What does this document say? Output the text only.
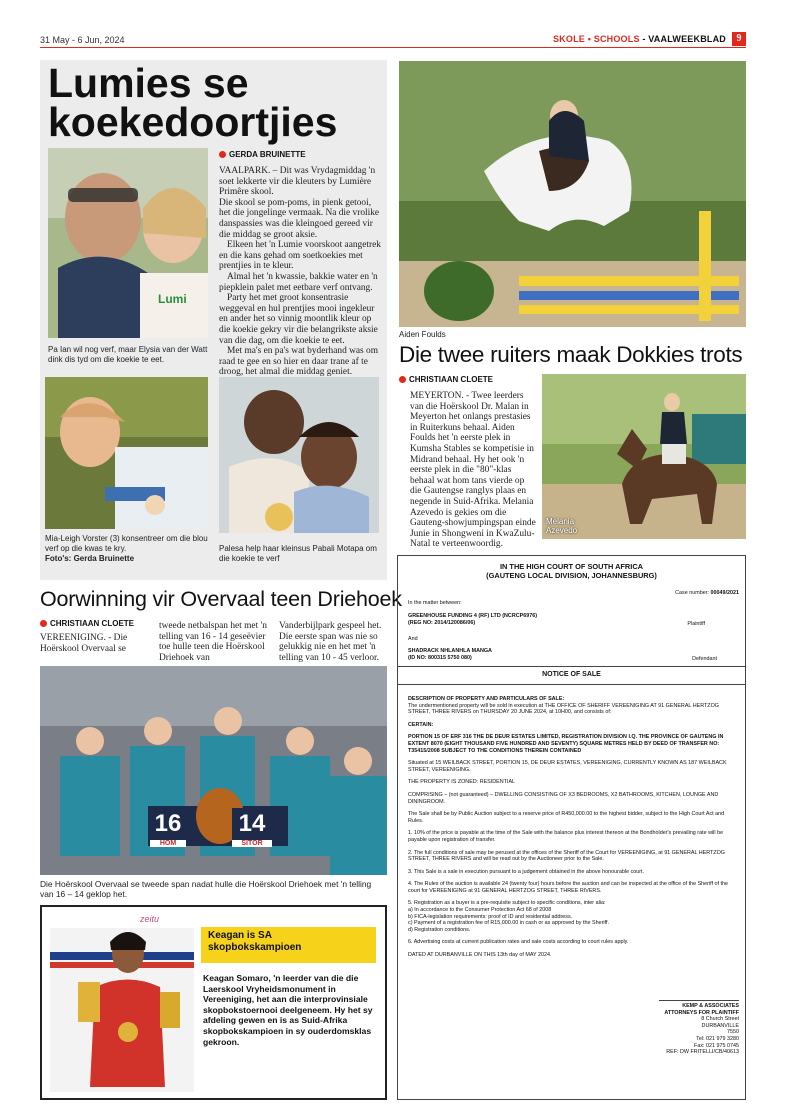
31 May - 6 Jun, 2024	SKOLE • SCHOOLS - VAALWEEKBLAD	9
Lumies se
koekedoortjies
Lumi
Pa Ian wil nog verf, maar Elysia van der Watt dink dis tyd om die koekie te eet.
GERDA BRUINETTE

VAALPARK. – Dit was Vrydagmiddag 'n soet lekkerte vir die kleuters by Lumière Primêre skool.

Die skool se pom-poms, in pienk getooi, het die jongelinge vermaak. Na die vrolike danspassies was die kleingoed gereed vir die middag se groot aksie.

Elkeen het 'n Lumie voorskoot aangetrek en die kans gehad om soetkoekies met prentjies in te kleur.

Almal het 'n kwassie, bakkie water en 'n piepklein palet met eetbare verf ontvang.

Party het met groot konsentrasie weggeval en hul prentjies mooi ingekleur en ander het so vinnig moontlik kleur op die koekie gekry vir die belangrikste aksie van die dag, om die koekie te eet.

Met ma's en pa's wat byderhand was om raad te gee en so hier en daar trane af te droog, het almal die middag geniet.

Mia-Leigh Vorster (3) konsentreer om die blou verf op die kwas te kry.
Foto's: Gerda Bruinette
Palesa help haar kleinsus Pabali Motapa om die koekie te verf
Aiden Foulds
Die twee ruiters maak Dokkies trots
CHRISTIAAN CLOETE

MEYERTON. - Twee leerders van die Hoërskool Dr. Malan in Meyerton het onlangs prestasies in Ruiterkuns behaal. Aiden Foulds het 'n eerste plek in Kumsha Stables se kompetisie in Midrand behaal. Hy het ook 'n eerste plek in die "80"-klas behaal wat hom tans vierde op die Gautengse ranglys plaas en negende in Suid-Afrika. Melania Azevedo is gekies om die Gauteng-showjumpingspan einde Junie in Shongweni in KwaZulu-Natal te verteenwoordig.

Melania
Azevedo
Oorwinning vir Overvaal teen Driehoek
CHRISTIAAN CLOETE
VEREENIGING. - Die Hoërskool Overvaal se
tweede netbalspan het met 'n telling van 16 - 14 geseëvier toe hulle teen die Hoërskool Driehoek van
Vanderbijlpark gespeel het. Die eerste span was nie so gelukkig nie en het met 'n telling van 10 - 45 verloor.
16
HOM
14
SITOR
Die Hoërskool Overvaal se tweede span nadat hulle die Hoërskool Driehoek met 'n telling van 16 – 14 geklop het.
zeitu
Keagan is SA
skopbokskampioen
Keagan Somaro, 'n leerder van die die Laerskool Vryheidsmonument in Vereeniging, het aan die interprovinsiale skopbokstoernooi deelgeneem. Hy het sy afdeling gewen en is as Suid-Afrika skopbokskampioen in sy ouderdomsklas gekroon.
IN THE HIGH COURT OF SOUTH AFRICA
(GAUTENG LOCAL DIVISION, JOHANNESBURG)
Case number: 00049/2021
In the matter between:
GREENHOUSE FUNDING 4 (RF) LTD (NCRCP6976)
(REG NO: 2014/120086/06)	Plaintiff
And
SHADRACK NHLANHLA MANGA
(ID NO: 800315 5750 080)	Defendant
NOTICE OF SALE
DESCRIPTION OF PROPERTY AND PARTICULARS OF SALE:
The undermentioned property will be sold in execution at THE OFFICE OF SHERIFF VEREENIGING AT 91 GENERAL HERTZOG STREET, THREE RIVERS on THURSDAY 20 JUNE 2024, at 10H00, and consists of:
CERTAIN:
PORTION 15 OF ERF 316 THE DE DEUR ESTATES LIMITED, REGISTRATION DIVISION I.Q. THE PROVINCE OF GAUTENG IN EXTENT 8070 (EIGHT THOUSAND FIVE HUNDRED AND SEVENTY) SQUARE METRES HELD BY DEED OF TRANSFER NO: T35415/2008 SUBJECT TO THE CONDITIONS THEREIN CONTAINED
Situated at 15 WEILBACK STREET, PORTION 15, DE DEUR ESTATES, VEREENIGING, CURRENTLY KNOWN AS 187 WEILBACK STREET, VEREENIGING.
THE PROPERTY IS ZONED: RESIDENTIAL
COMPRISING – (not guaranteed) – DWELLING CONSISTING OF X3 BEDROOMS, X2 BATHROOMS, KITCHEN, LOUNGE AND DININGROOM.
The Sale shall be by Public Auction subject to a reserve price of R450,000.00 to the highest bidder, subject to the High Court Act and Rules.
1. 10% of the price is payable at the time of the Sale with the balance plus interest thereon at the Bondholder's prevailing rate will be payable upon registration of transfer.
2. The full conditions of sale may be perused at the offices of the Sheriff of the Court for VEREENIGING, at 91 GENERAL HERTZOG STREET, THREE RIVERS and will be read out by the Auctioneer prior to the Sale.
3. This Sale is a sale in execution pursuant to a judgement obtained in the above honourable court.
4. The Rules of the auction is available 24 (twenty four) hours before the auction and can be inspected at the office of the Sheriff of the court for VEREENIGING at 91 GENERAL HERTZOG STREET, THREE RIVERS.
5. Registration as a buyer is a pre-requisite subject to specific conditions, inter alia:
a) In accordance to the Consumer Protection Act 68 of 2008
b) FICA-legislation requirements: proof of ID and residential address.
c) Payment of a registration fee of R15,000.00 in cash or as approved by the Sheriff.
d) Registration conditions.
6. Advertising costs at current publication rates and sale costs according to court rules apply.
DATED AT DURBANVILLE ON THIS 13th day of MAY 2024.
KEMP & ASSOCIATES
ATTORNEYS FOR PLAINTIFF
8 Church Street
DURBANVILLE
7550
Tel: 021 979 3280
Fax: 021 975 0745
REF: DW FRITELLI/CB/40613
